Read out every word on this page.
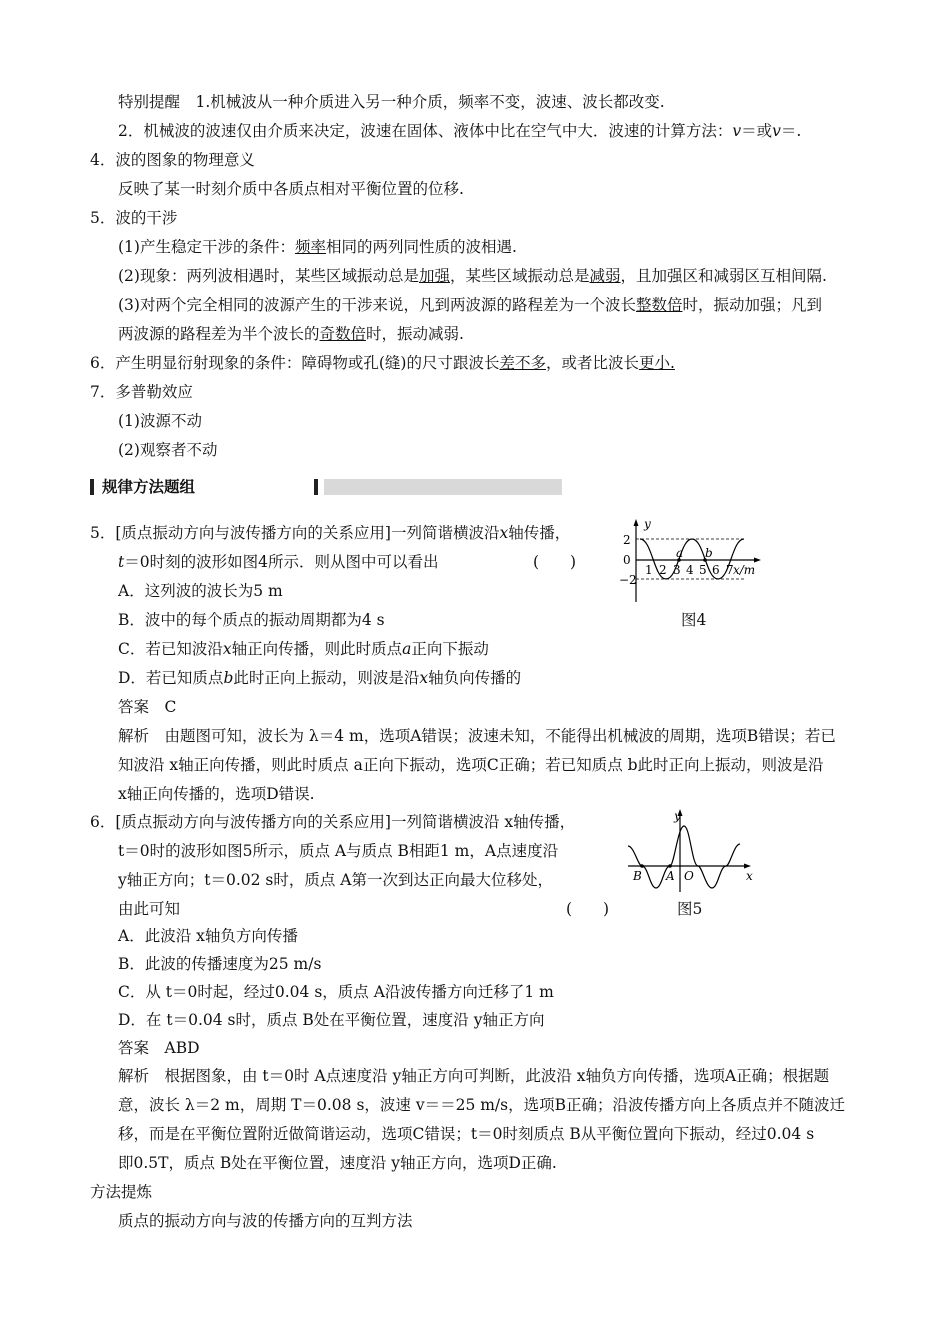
特别提醒　1.机械波从一种介质进入另一种介质，频率不变，波速、波长都改变.
2．机械波的波速仅由介质来决定，波速在固体、液体中比在空气中大．波速的计算方法：v＝或v＝.
4．波的图象的物理意义
反映了某一时刻介质中各质点相对平衡位置的位移.
5．波的干涉
(1)产生稳定干涉的条件：频率相同的两列同性质的波相遇.
(2)现象：两列波相遇时，某些区域振动总是加强，某些区域振动总是减弱，且加强区和减弱区互相间隔.
(3)对两个完全相同的波源产生的干涉来说，凡到两波源的路程差为一个波长整数倍时，振动加强；凡到
两波源的路程差为半个波长的奇数倍时，振动减弱.
6．产生明显衍射现象的条件：障碍物或孔(缝)的尺寸跟波长差不多，或者比波长更小.
7．多普勒效应
(1)波源不动
(2)观察者不动
规律方法题组
5．[质点振动方向与波传播方向的关系应用]一列简谐横波沿x轴传播，
t＝0时刻的波形如图4所示．则从图中可以看出	(　　)
A．这列波的波长为5 m
B．波中的每个质点的振动周期都为4 s
C．若已知波沿x轴正向传播，则此时质点a正向下振动
D．若已知质点b此时正向上振动，则波是沿x轴负向传播的
答案　C
解析　由题图可知，波长为 λ＝4 m，选项A错误；波速未知，不能得出机械波的周期，选项B错误；若已
知波沿 x轴正向传播，则此时质点 a正向下振动，选项C正确；若已知质点 b此时正向上振动，则波是沿
x轴正向传播的，选项D错误.
y
2
0
−2
1 2 3 4 5 6 7 x/m
a b
图4
6．[质点振动方向与波传播方向的关系应用]一列简谐横波沿 x轴传播，
t＝0时的波形如图5所示，质点 A与质点 B相距1 m，A点速度沿
y轴正方向；t＝0.02 s时，质点 A第一次到达正向最大位移处，
由此可知	(　　)
A．此波沿 x轴负方向传播
B．此波的传播速度为25 m/s
C．从 t＝0时起，经过0.04 s，质点 A沿波传播方向迁移了1 m
D．在 t＝0.04 s时，质点 B处在平衡位置，速度沿 y轴正方向
答案　ABD
解析　根据图象，由 t＝0时 A点速度沿 y轴正方向可判断，此波沿 x轴负方向传播，选项A正确；根据题
意，波长 λ＝2 m，周期 T＝0.08 s，波速 v＝＝25 m/s，选项B正确；沿波传播方向上各质点并不随波迁
移，而是在平衡位置附近做简谐运动，选项C错误；t＝0时刻质点 B从平衡位置向下振动，经过0.04 s
即0.5T，质点 B处在平衡位置，速度沿 y轴正方向，选项D正确.
y
B A O	x
图5
方法提炼
质点的振动方向与波的传播方向的互判方法
